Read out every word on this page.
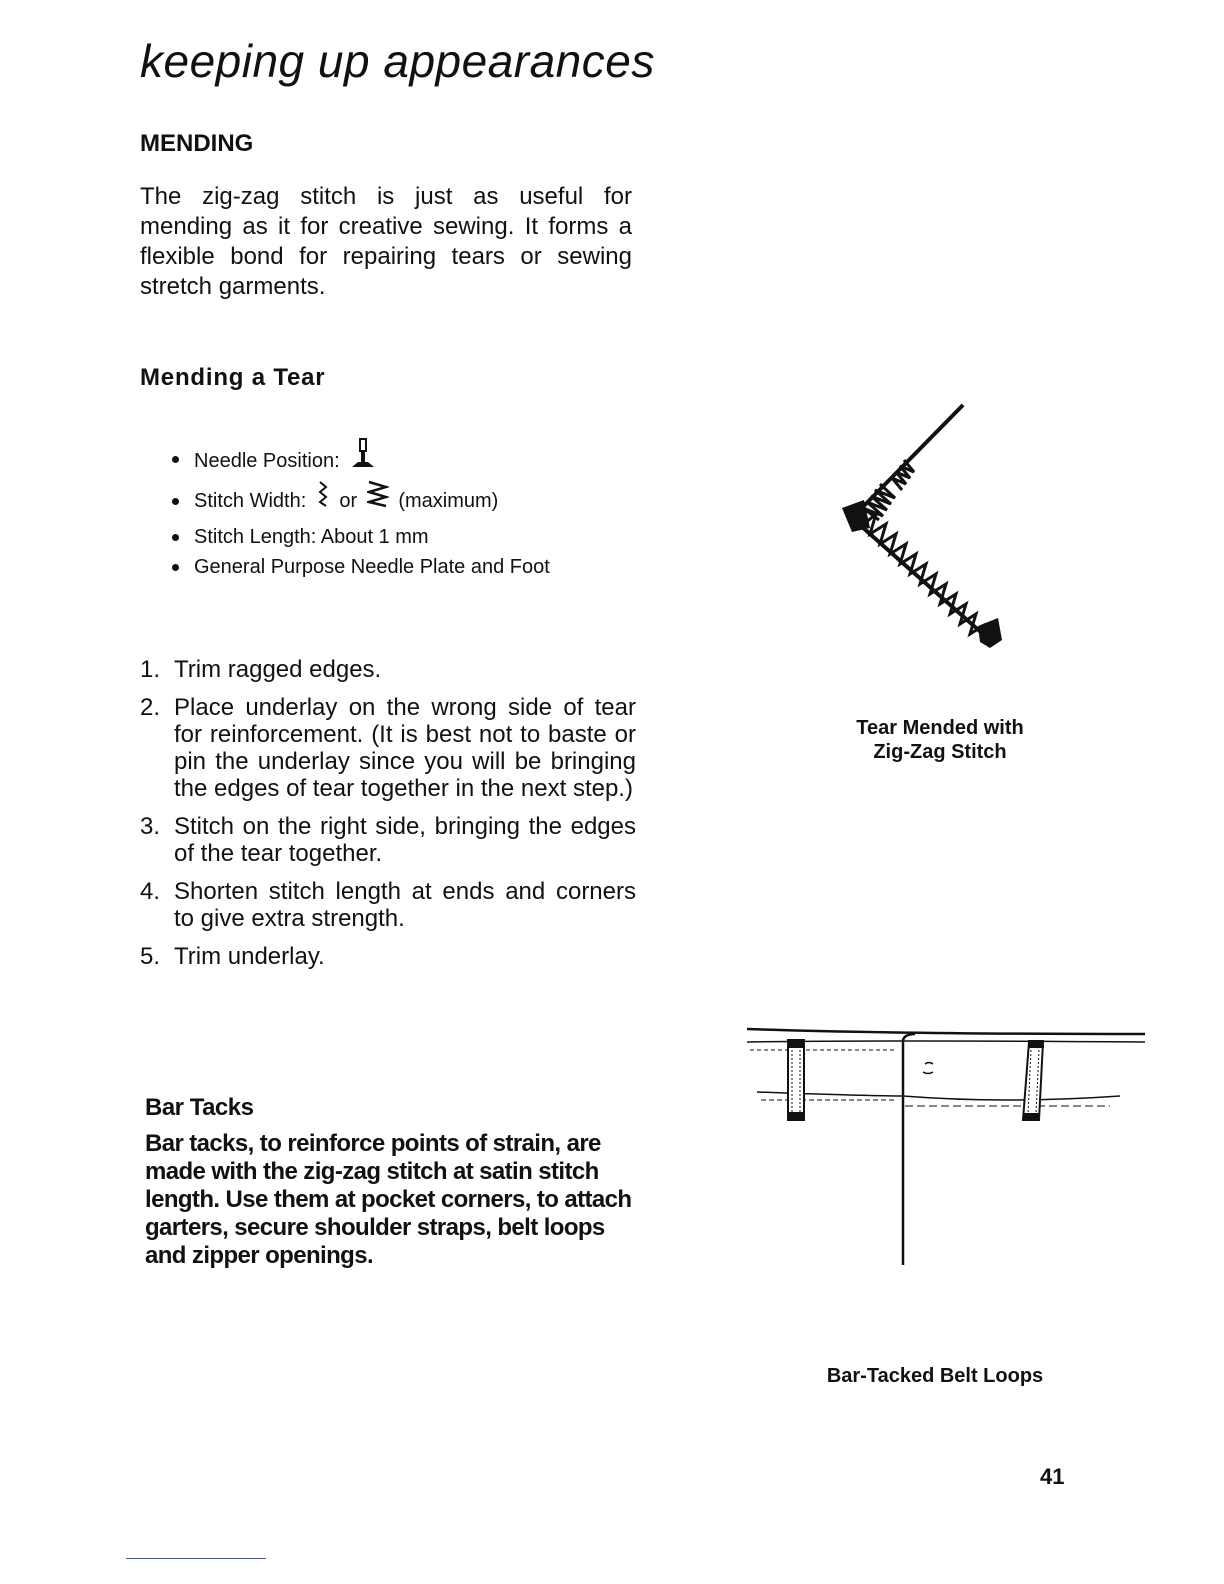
keeping up appearances
MENDING

The zig-zag stitch is just as useful for mending as it for creative sewing. It forms a flexible bond for repairing tears or sewing stretch garments.

Mending a Tear
Needle Position:
Stitch Width: or (maximum)
Stitch Length: About 1 mm
General Purpose Needle Plate and Foot
1. Trim ragged edges.
2. Place underlay on the wrong side of tear for reinforcement. (It is best not to baste or pin the underlay since you will be bringing the edges of tear together in the next step.)
3. Stitch on the right side, bringing the edges of the tear together.
4. Shorten stitch length at ends and corners to give extra strength.
5. Trim underlay.
Bar Tacks

Bar tacks, to reinforce points of strain, are made with the zig-zag stitch at satin stitch length. Use them at pocket corners, to attach garters, secure shoulder straps, belt loops and zipper openings.

Tear Mended with
Zig-Zag Stitch

Bar-Tacked Belt Loops

41
